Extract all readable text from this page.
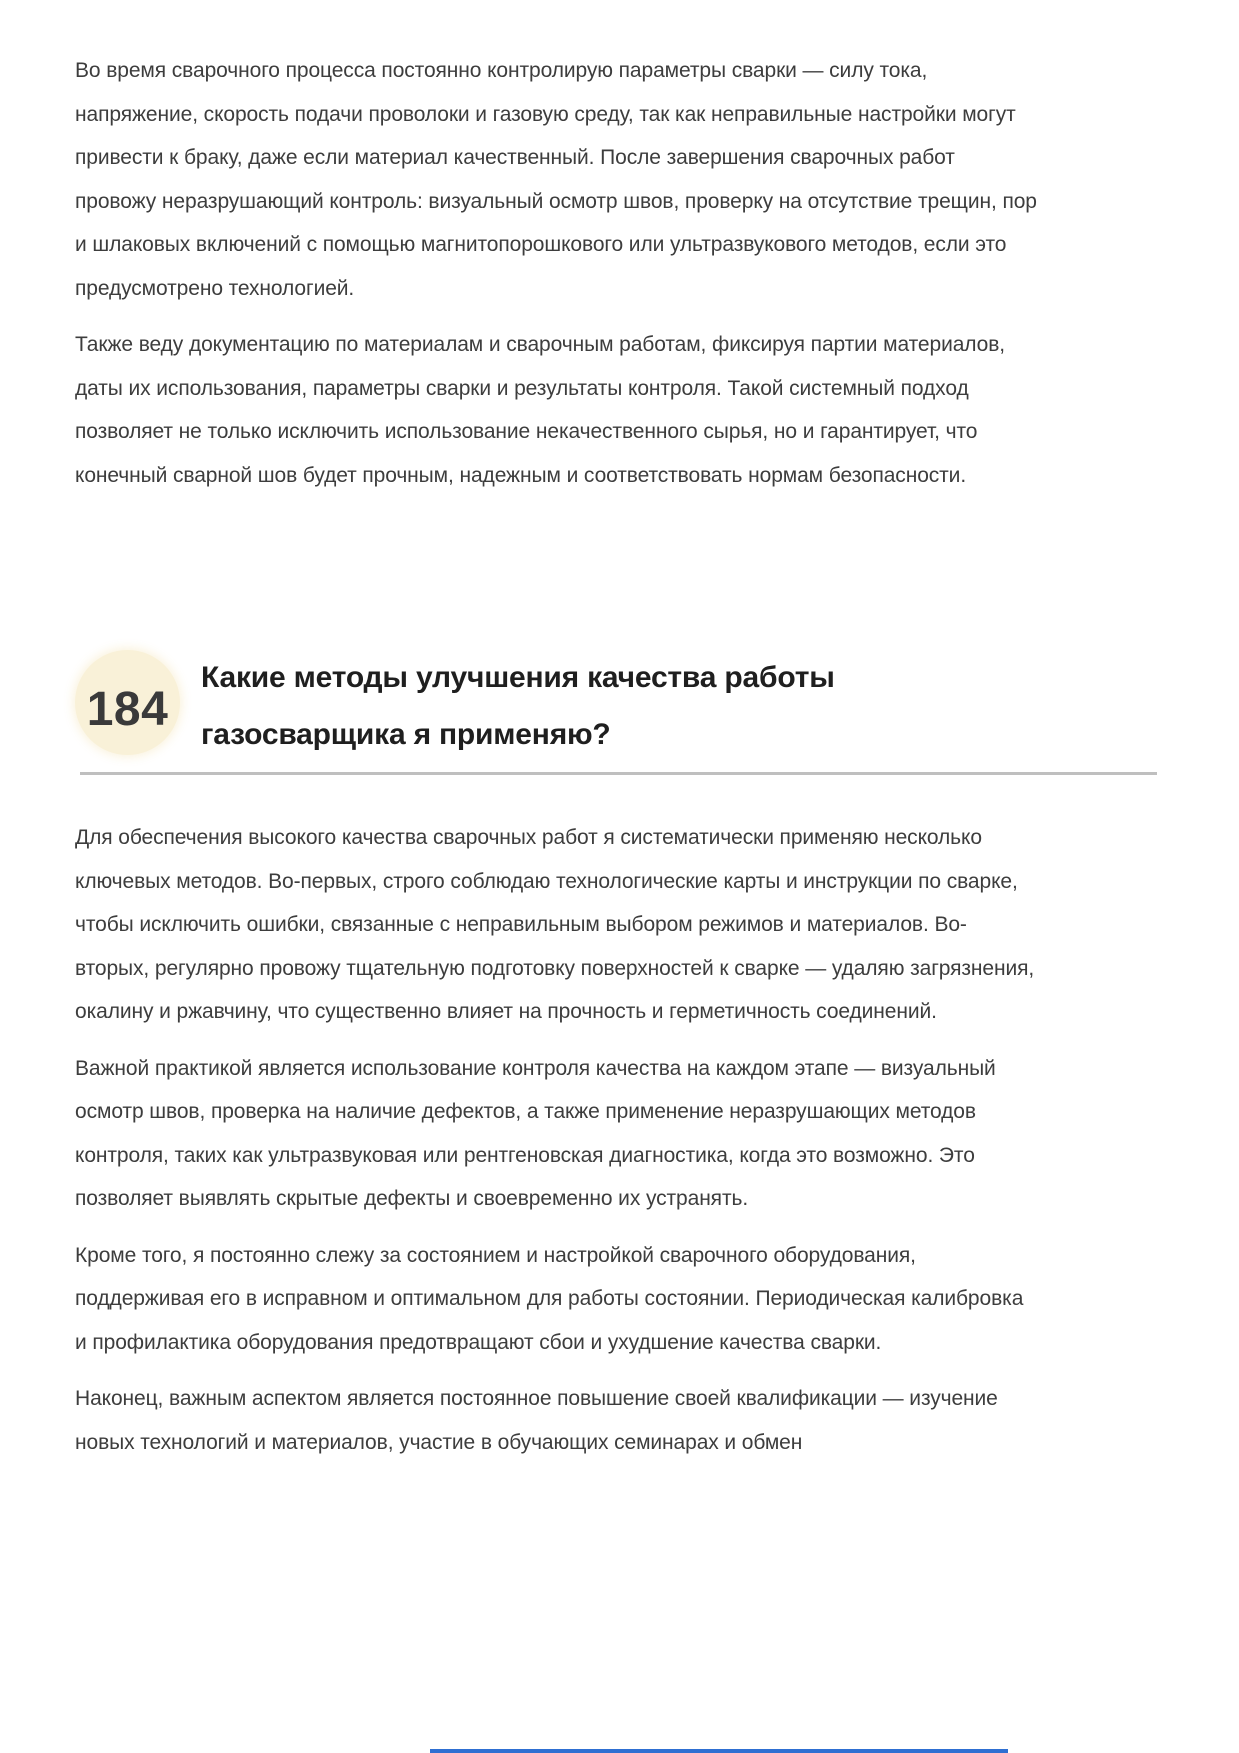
Во время сварочного процесса постоянно контролирую параметры сварки — силу тока, напряжение, скорость подачи проволоки и газовую среду, так как неправильные настройки могут привести к браку, даже если материал качественный. После завершения сварочных работ провожу неразрушающий контроль: визуальный осмотр швов, проверку на отсутствие трещин, пор и шлаковых включений с помощью магнитопорошкового или ультразвукового методов, если это предусмотрено технологией.

Также веду документацию по материалам и сварочным работам, фиксируя партии материалов, даты их использования, параметры сварки и результаты контроля. Такой системный подход позволяет не только исключить использование некачественного сырья, но и гарантирует, что конечный сварной шов будет прочным, надежным и соответствовать нормам безопасности.

184
Какие методы улучшения качества работы
газосварщика я применяю?

Для обеспечения высокого качества сварочных работ я систематически применяю несколько ключевых методов. Во-первых, строго соблюдаю технологические карты и инструкции по сварке, чтобы исключить ошибки, связанные с неправильным выбором режимов и материалов. Во-вторых, регулярно провожу тщательную подготовку поверхностей к сварке — удаляю загрязнения, окалину и ржавчину, что существенно влияет на прочность и герметичность соединений.

Важной практикой является использование контроля качества на каждом этапе — визуальный осмотр швов, проверка на наличие дефектов, а также применение неразрушающих методов контроля, таких как ультразвуковая или рентгеновская диагностика, когда это возможно. Это позволяет выявлять скрытые дефекты и своевременно их устранять.

Кроме того, я постоянно слежу за состоянием и настройкой сварочного оборудования, поддерживая его в исправном и оптимальном для работы состоянии. Периодическая калибровка и профилактика оборудования предотвращают сбои и ухудшение качества сварки.

Наконец, важным аспектом является постоянное повышение своей квалификации — изучение новых технологий и материалов, участие в обучающих семинарах и обмен
